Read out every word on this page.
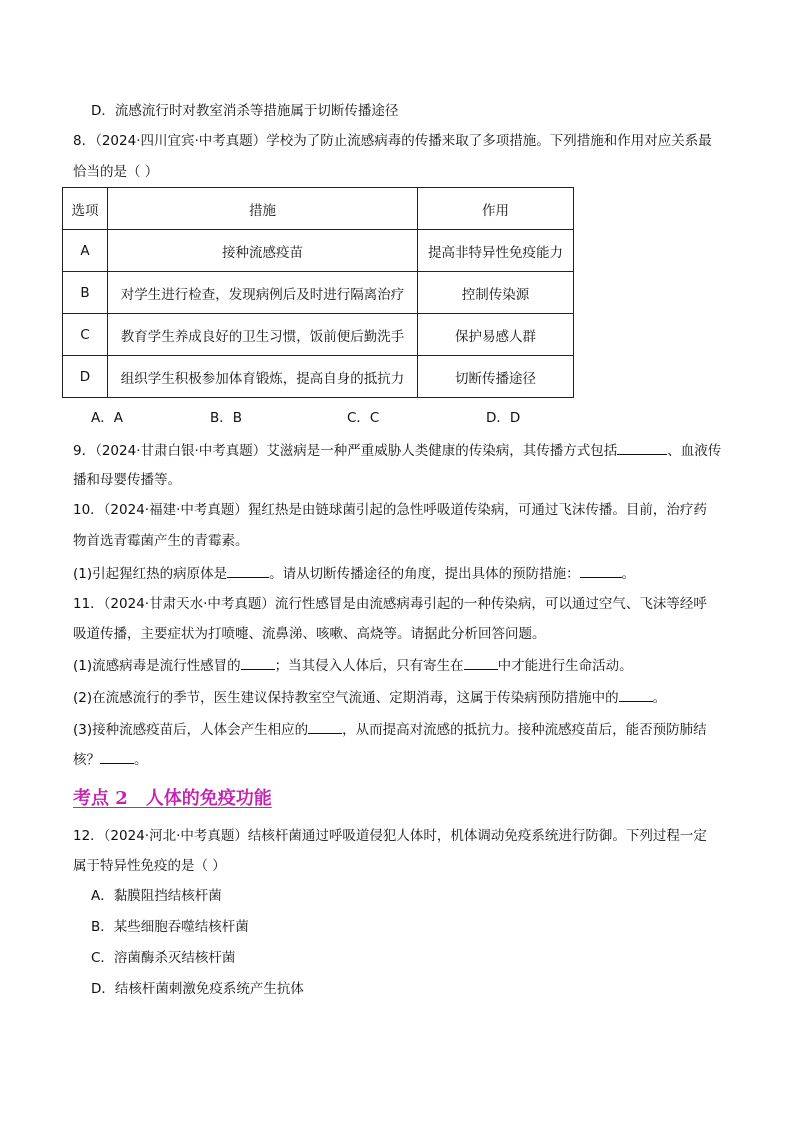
D．流感流行时对教室消杀等措施属于切断传播途径
8．（2024·四川宜宾·中考真题）学校为了防止流感病毒的传播来取了多项措施。下列措施和作用对应关系最
恰当的是（ ）
选项	措施	作用
A	接种流感疫苗	提高非特异性免疫能力
B	对学生进行检查，发现病例后及时进行隔离治疗	控制传染源
C	教育学生养成良好的卫生习惯，饭前便后勤洗手	保护易感人群
D	组织学生积极参加体育锻炼，提高自身的抵抗力	切断传播途径
A．A	B．B	C．C	D．D
9．（2024·甘肃白银·中考真题）艾滋病是一种严重威胁人类健康的传染病，其传播方式包括	、血液传
播和母婴传播等。
10．（2024·福建·中考真题）猩红热是由链球菌引起的急性呼吸道传染病，可通过飞沫传播。目前，治疗药
物首选青霉菌产生的青霉素。
(1)引起猩红热的病原体是	。请从切断传播途径的角度，提出具体的预防措施：	。
11．（2024·甘肃天水·中考真题）流行性感冒是由流感病毒引起的一种传染病，可以通过空气、飞沫等经呼
吸道传播，主要症状为打喷嚏、流鼻涕、咳嗽、高烧等。请据此分析回答问题。
(1)流感病毒是流行性感冒的	；当其侵入人体后，只有寄生在	中才能进行生命活动。
(2)在流感流行的季节，医生建议保持教室空气流通、定期消毒，这属于传染病预防措施中的	。
(3)接种流感疫苗后，人体会产生相应的	，从而提高对流感的抵抗力。接种流感疫苗后，能否预防肺结
核？	。
考点 2　人体的免疫功能
12．（2024·河北·中考真题）结核杆菌通过呼吸道侵犯人体时，机体调动免疫系统进行防御。下列过程一定
属于特异性免疫的是（ ）
A．黏膜阻挡结核杆菌
B．某些细胞吞噬结核杆菌
C．溶菌酶杀灭结核杆菌
D．结核杆菌刺激免疫系统产生抗体
